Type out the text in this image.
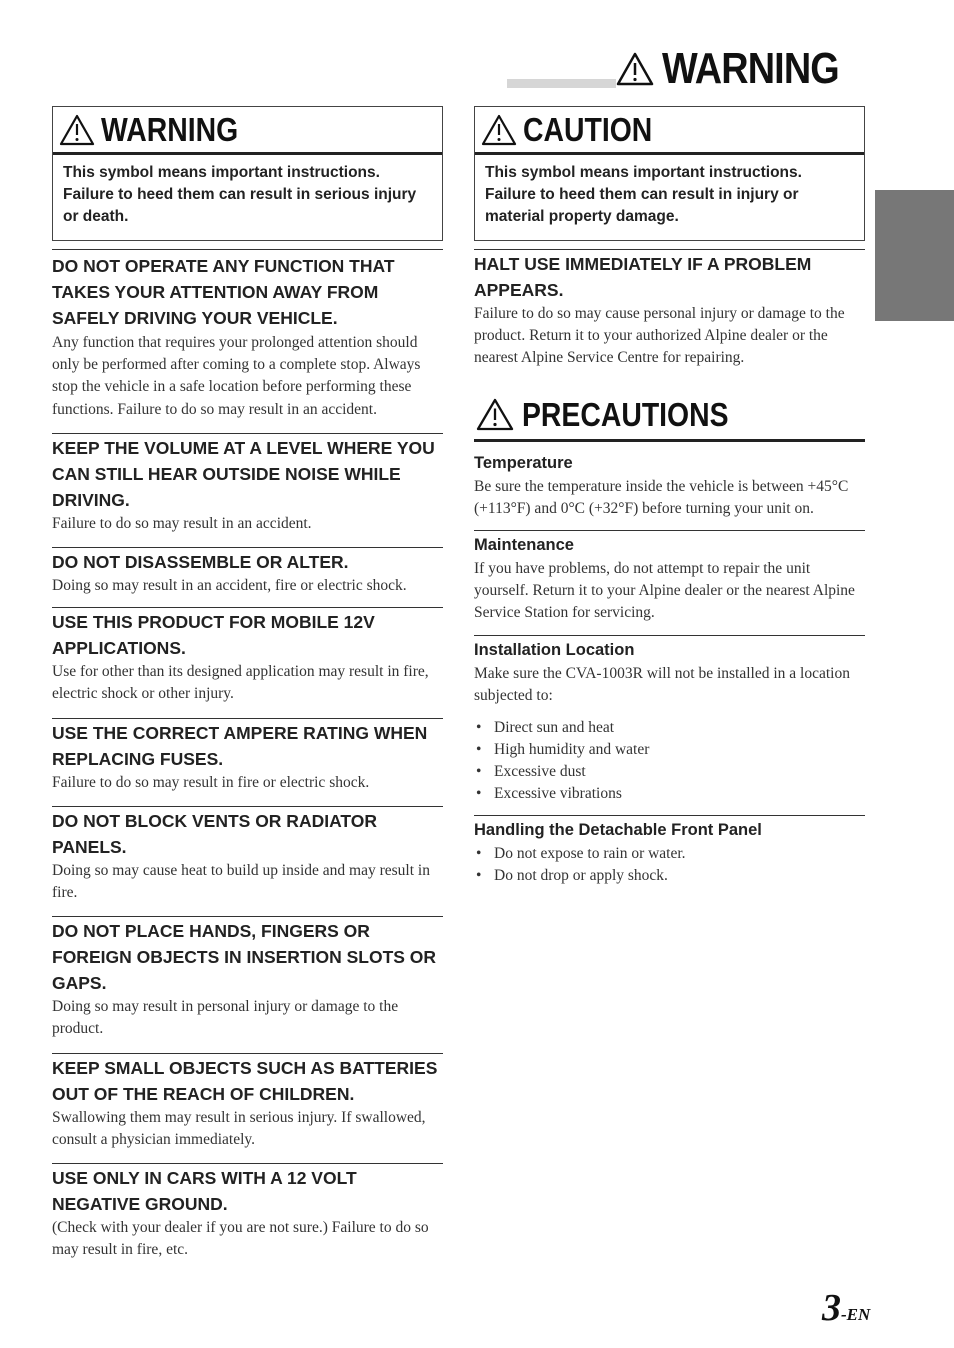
WARNING
WARNING
This symbol means important instructions. Failure to heed them can result in serious injury or death.
DO NOT OPERATE ANY FUNCTION THAT TAKES YOUR ATTENTION AWAY FROM SAFELY DRIVING YOUR VEHICLE.
Any function that requires your prolonged attention should only be performed after coming to a complete stop. Always stop the vehicle in a safe location before performing these functions. Failure to do so may result in an accident.
KEEP THE VOLUME AT A LEVEL WHERE YOU CAN STILL HEAR OUTSIDE NOISE WHILE DRIVING.
Failure to do so may result in an accident.
DO NOT DISASSEMBLE OR ALTER.
Doing so may result in an accident, fire or electric shock.
USE THIS PRODUCT FOR MOBILE 12V APPLICATIONS.
Use for other than its designed application may result in fire, electric shock or other injury.
USE THE CORRECT AMPERE RATING WHEN REPLACING FUSES.
Failure to do so may result in fire or electric shock.
DO NOT BLOCK VENTS OR RADIATOR PANELS.
Doing so may cause heat to build up inside and may result in fire.
DO NOT PLACE HANDS, FINGERS OR FOREIGN OBJECTS IN INSERTION SLOTS OR GAPS.
Doing so may result in personal injury or damage to the product.
KEEP SMALL OBJECTS SUCH AS BATTERIES OUT OF THE REACH OF CHILDREN.
Swallowing them may result in serious injury. If swallowed, consult a physician immediately.
USE ONLY IN CARS WITH A 12 VOLT NEGATIVE GROUND.
(Check with your dealer if you are not sure.) Failure to do so may result in fire, etc.
CAUTION
This symbol means important instructions. Failure to heed them can result in injury or material property damage.
HALT USE IMMEDIATELY IF A PROBLEM APPEARS.
Failure to do so may cause personal injury or damage to the product. Return it to your authorized Alpine dealer or the nearest Alpine Service Centre for repairing.
PRECAUTIONS
Temperature
Be sure the temperature inside the vehicle is between +45°C (+113°F) and 0°C (+32°F) before turning your unit on.
Maintenance
If you have problems, do not attempt to repair the unit yourself. Return it to your Alpine dealer or the nearest Alpine Service Station for servicing.
Installation Location
Make sure the CVA-1003R will not be installed in a location subjected to:
• Direct sun and heat
• High humidity and water
• Excessive dust
• Excessive vibrations
Handling the Detachable Front Panel
• Do not expose to rain or water.
• Do not drop or apply shock.
3 -EN
